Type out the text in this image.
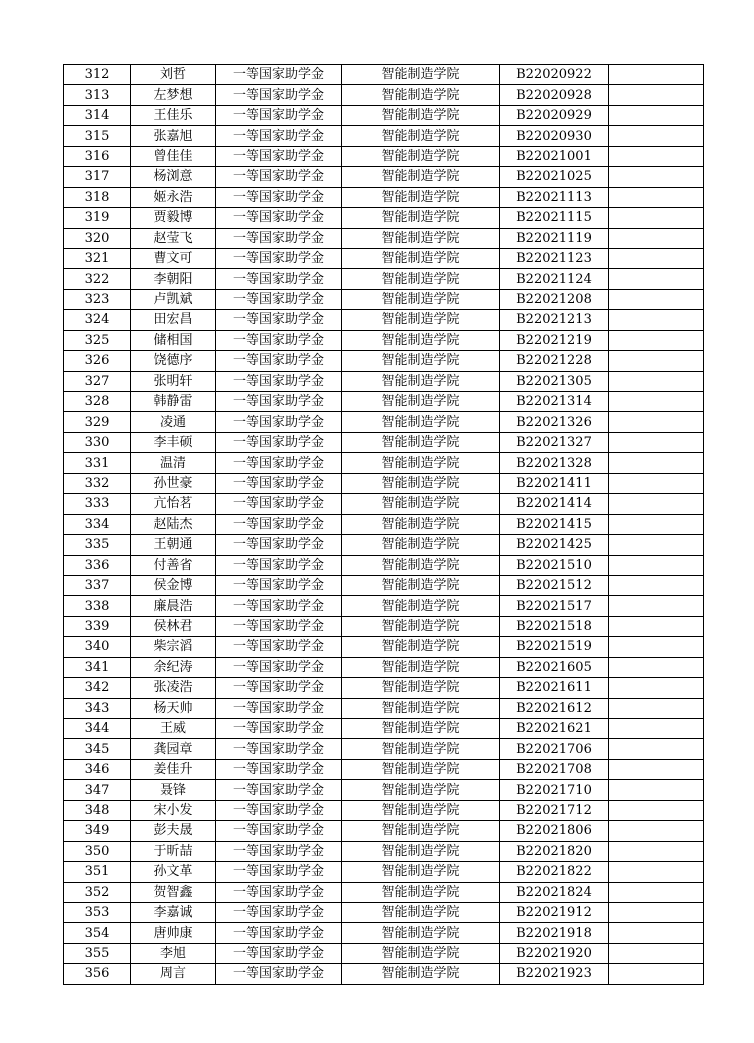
312	刘哲	一等国家助学金	智能制造学院	B22020922	
313	左梦想	一等国家助学金	智能制造学院	B22020928	
314	王佳乐	一等国家助学金	智能制造学院	B22020929	
315	张嘉旭	一等国家助学金	智能制造学院	B22020930	
316	曾佳佳	一等国家助学金	智能制造学院	B22021001	
317	杨浏意	一等国家助学金	智能制造学院	B22021025	
318	姬永浩	一等国家助学金	智能制造学院	B22021113	
319	贾毅博	一等国家助学金	智能制造学院	B22021115	
320	赵莹飞	一等国家助学金	智能制造学院	B22021119	
321	曹文可	一等国家助学金	智能制造学院	B22021123	
322	李朝阳	一等国家助学金	智能制造学院	B22021124	
323	卢凯斌	一等国家助学金	智能制造学院	B22021208	
324	田宏昌	一等国家助学金	智能制造学院	B22021213	
325	储相国	一等国家助学金	智能制造学院	B22021219	
326	饶德序	一等国家助学金	智能制造学院	B22021228	
327	张明轩	一等国家助学金	智能制造学院	B22021305	
328	韩静雷	一等国家助学金	智能制造学院	B22021314	
329	凌通	一等国家助学金	智能制造学院	B22021326	
330	李丰硕	一等国家助学金	智能制造学院	B22021327	
331	温清	一等国家助学金	智能制造学院	B22021328	
332	孙世豪	一等国家助学金	智能制造学院	B22021411	
333	亢怡茗	一等国家助学金	智能制造学院	B22021414	
334	赵陆杰	一等国家助学金	智能制造学院	B22021415	
335	王朝通	一等国家助学金	智能制造学院	B22021425	
336	付善省	一等国家助学金	智能制造学院	B22021510	
337	侯金博	一等国家助学金	智能制造学院	B22021512	
338	廉晨浩	一等国家助学金	智能制造学院	B22021517	
339	侯林君	一等国家助学金	智能制造学院	B22021518	
340	柴宗滔	一等国家助学金	智能制造学院	B22021519	
341	余纪涛	一等国家助学金	智能制造学院	B22021605	
342	张凌浩	一等国家助学金	智能制造学院	B22021611	
343	杨天帅	一等国家助学金	智能制造学院	B22021612	
344	王威	一等国家助学金	智能制造学院	B22021621	
345	龚园章	一等国家助学金	智能制造学院	B22021706	
346	姜佳升	一等国家助学金	智能制造学院	B22021708	
347	聂锋	一等国家助学金	智能制造学院	B22021710	
348	宋小发	一等国家助学金	智能制造学院	B22021712	
349	彭夫晟	一等国家助学金	智能制造学院	B22021806	
350	于昕喆	一等国家助学金	智能制造学院	B22021820	
351	孙文革	一等国家助学金	智能制造学院	B22021822	
352	贺智鑫	一等国家助学金	智能制造学院	B22021824	
353	李嘉诚	一等国家助学金	智能制造学院	B22021912	
354	唐帅康	一等国家助学金	智能制造学院	B22021918	
355	李旭	一等国家助学金	智能制造学院	B22021920	
356	周言	一等国家助学金	智能制造学院	B22021923	
